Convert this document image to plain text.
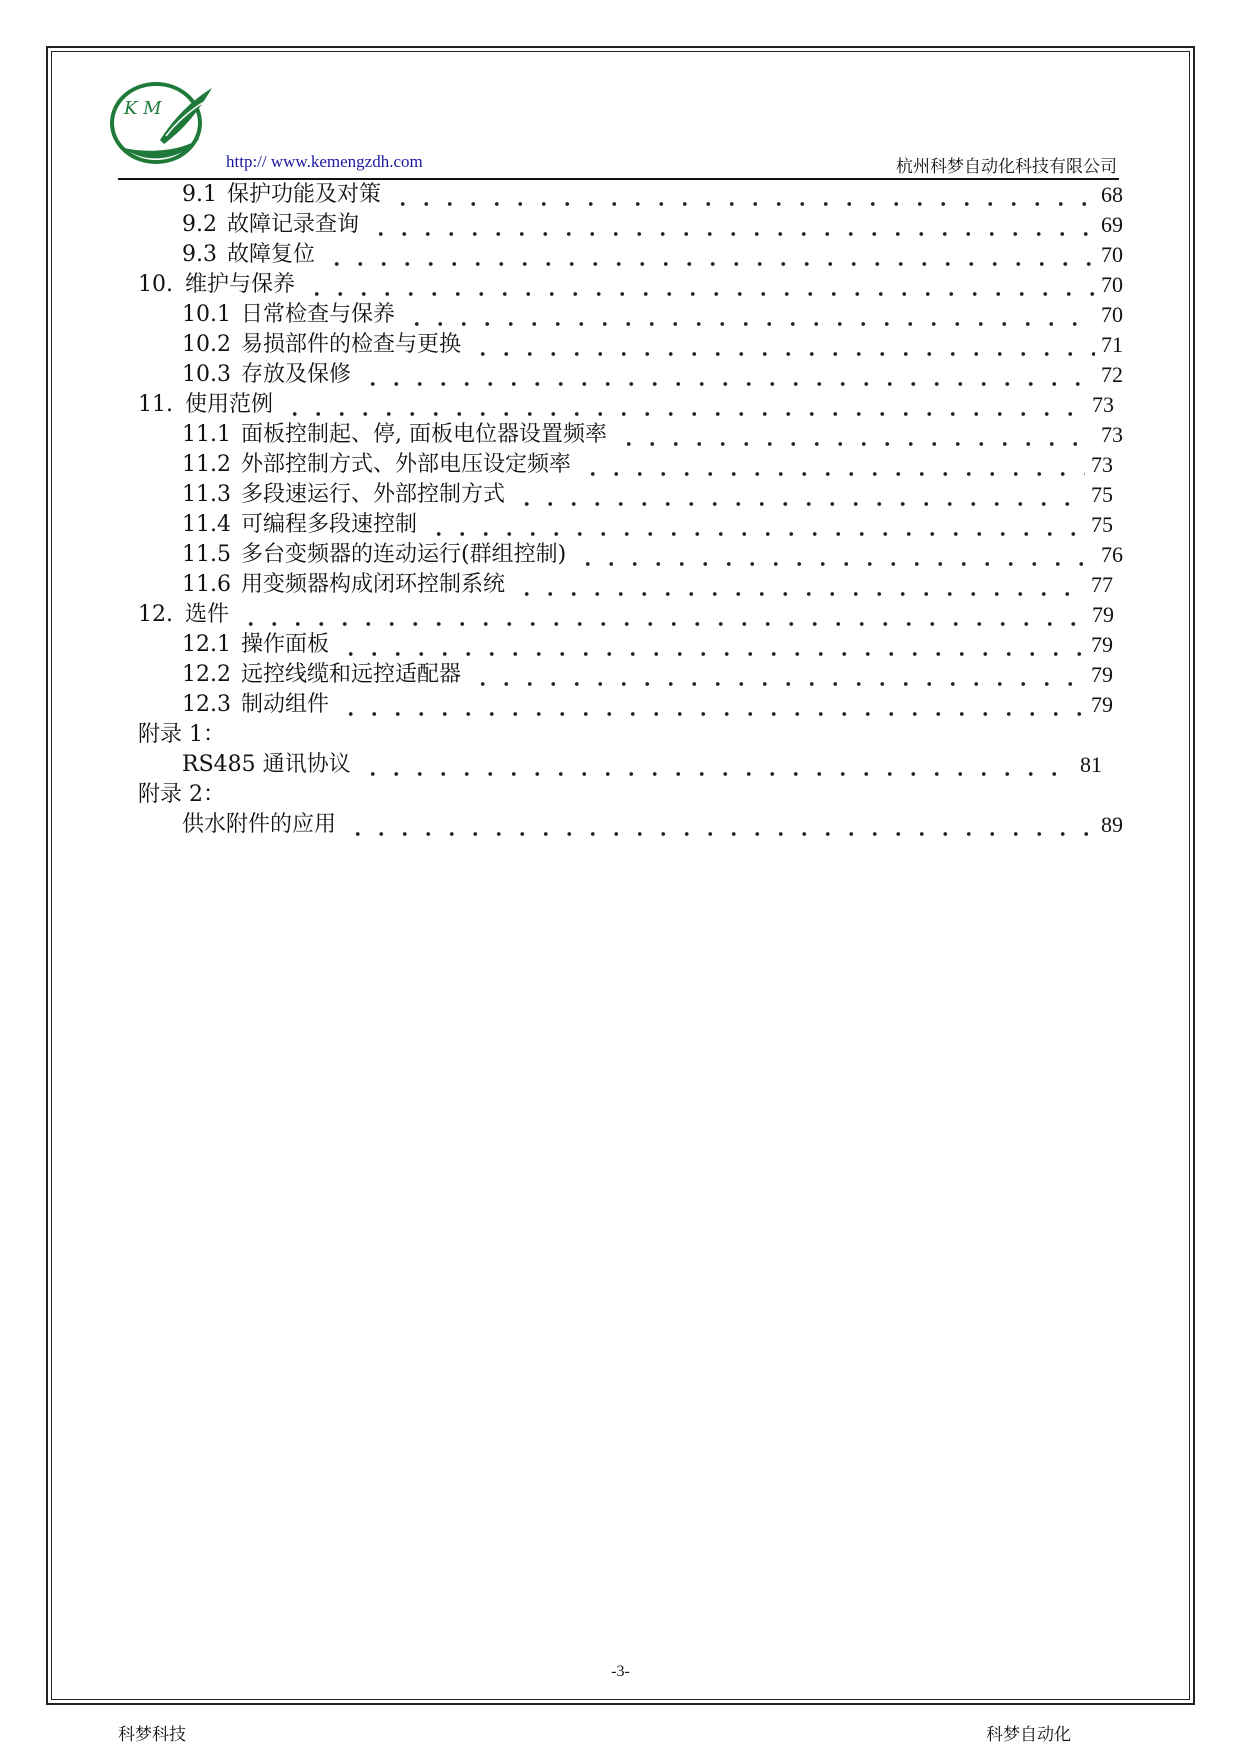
K M
http:// www.kemengzdh.com	杭州科梦自动化科技有限公司
9.1 保护功能及对策	68
9.2 故障记录查询	69
9.3 故障复位	70
10. 维护与保养	70
10.1 日常检查与保养	70
10.2 易损部件的检查与更换	71
10.3 存放及保修	72
11. 使用范例	73
11.1 面板控制起、停, 面板电位器设置频率	73
11.2 外部控制方式、外部电压设定频率	73
11.3 多段速运行、外部控制方式	75
11.4 可编程多段速控制	75
11.5 多台变频器的连动运行(群组控制)	76
11.6 用变频器构成闭环控制系统	77
12. 选件	79
12.1 操作面板	79
12.2 远控线缆和远控适配器	79
12.3 制动组件	79
附录 1：
RS485 通讯协议	81
附录 2：
供水附件的应用	89
-3-
科梦科技	科梦自动化
